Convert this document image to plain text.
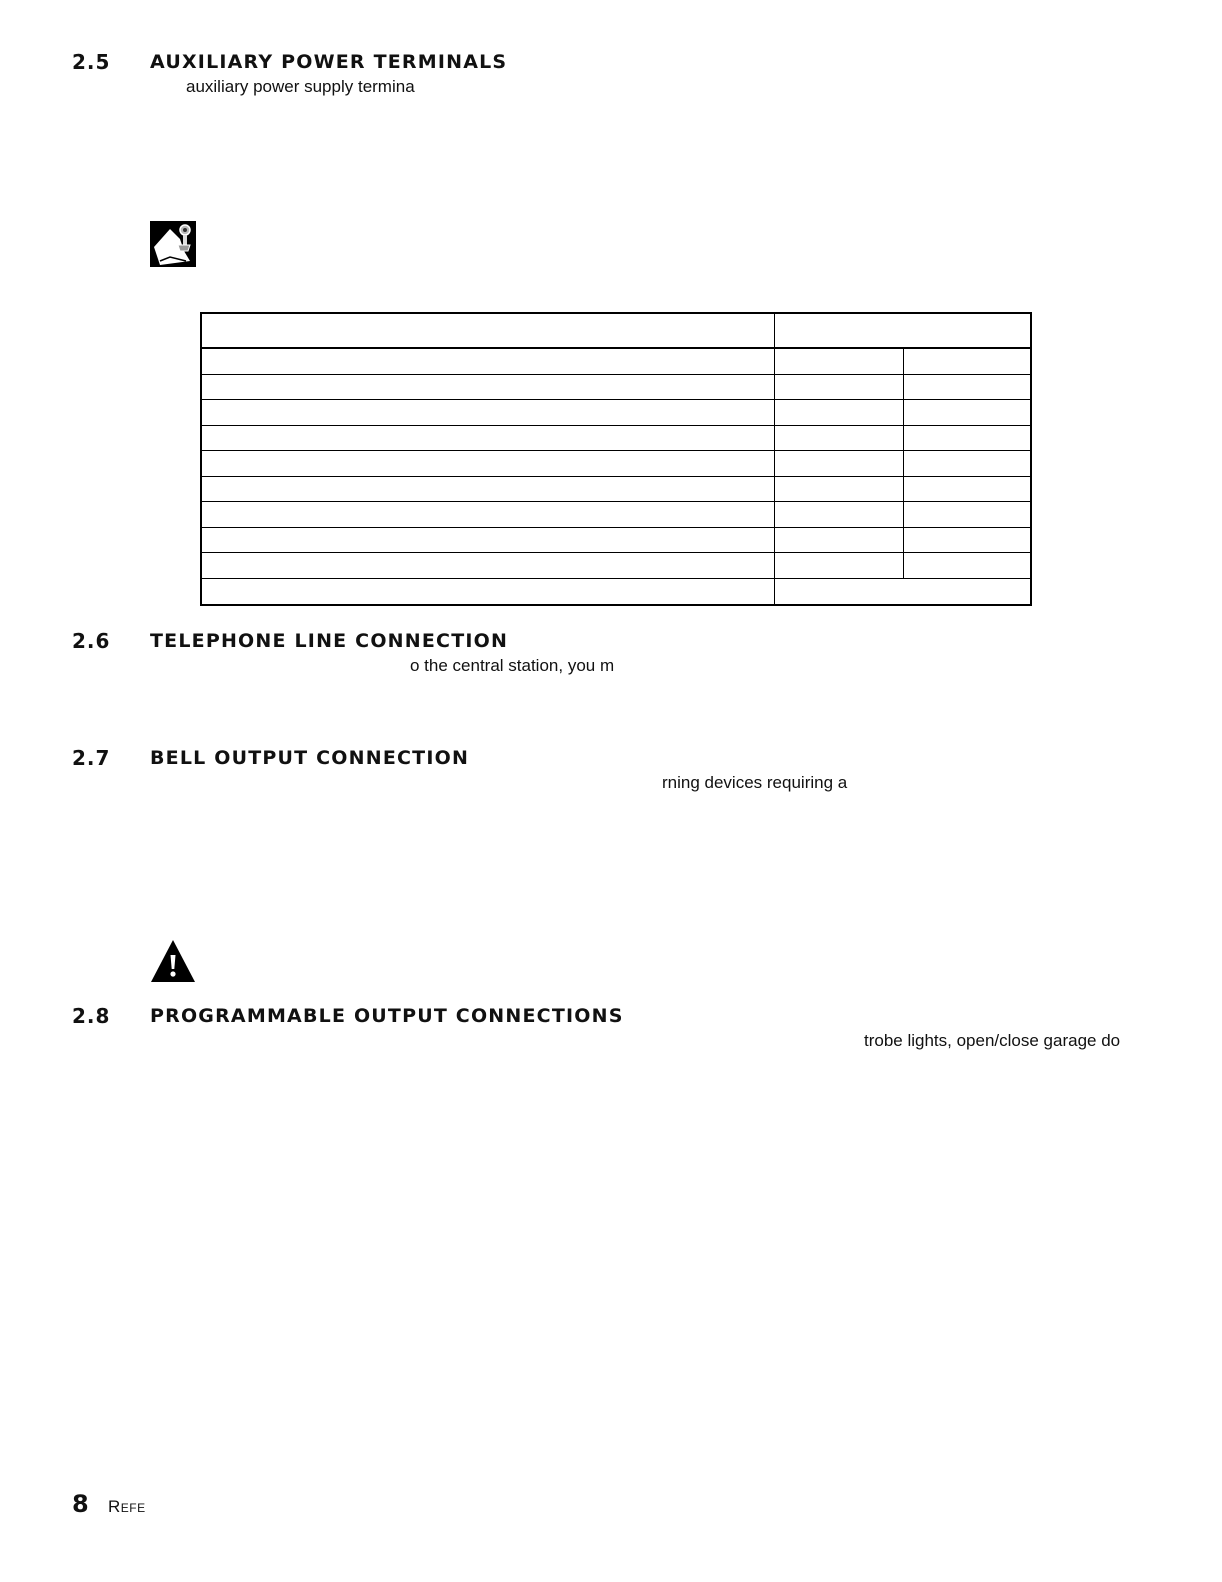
2.5 AUXILIARY POWER TERMINALS
auxiliary power supply termina

2.6 TELEPHONE LINE CONNECTION
o the central station, you m
2.7 BELL OUTPUT CONNECTION
rning devices requiring a
2.8 PROGRAMMABLE OUTPUT CONNECTIONS
trobe lights, open/close garage do
8 Refe
